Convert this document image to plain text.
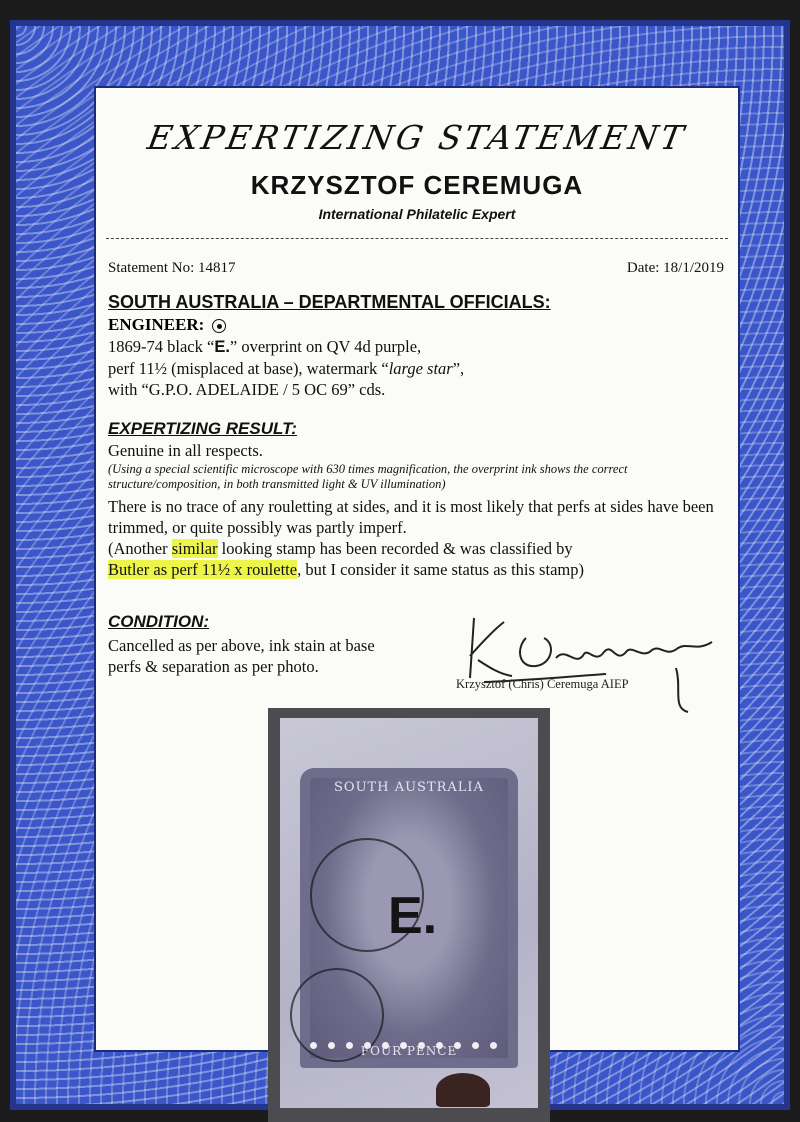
EXPERTIZING STATEMENT
KRZYSZTOF CEREMUGA
International Philatelic Expert
Statement No: 14817	Date: 18/1/2019
SOUTH AUSTRALIA – DEPARTMENTAL OFFICIALS:
ENGINEER:
1869-74 black “E.” overprint on QV 4d purple,
perf 11½ (misplaced at base), watermark “large star”,
with “G.P.O. ADELAIDE / 5 OC 69” cds.
EXPERTIZING RESULT:
Genuine in all respects.
(Using a special scientific microscope with 630 times magnification, the overprint ink shows the correct structure/composition, in both transmitted light & UV illumination)
There is no trace of any rouletting at sides, and it is most likely that perfs at sides have been trimmed, or quite possibly was partly imperf.
(Another similar looking stamp has been recorded & was classified by
Butler as perf 11½ x roulette, but I consider it same status as this stamp)
CONDITION:
Cancelled as per above, ink stain at base
perfs & separation as per photo.
Krzysztof (Chris) Ceremuga AIEP
SOUTH AUSTRALIA
E.
FOUR PENCE
